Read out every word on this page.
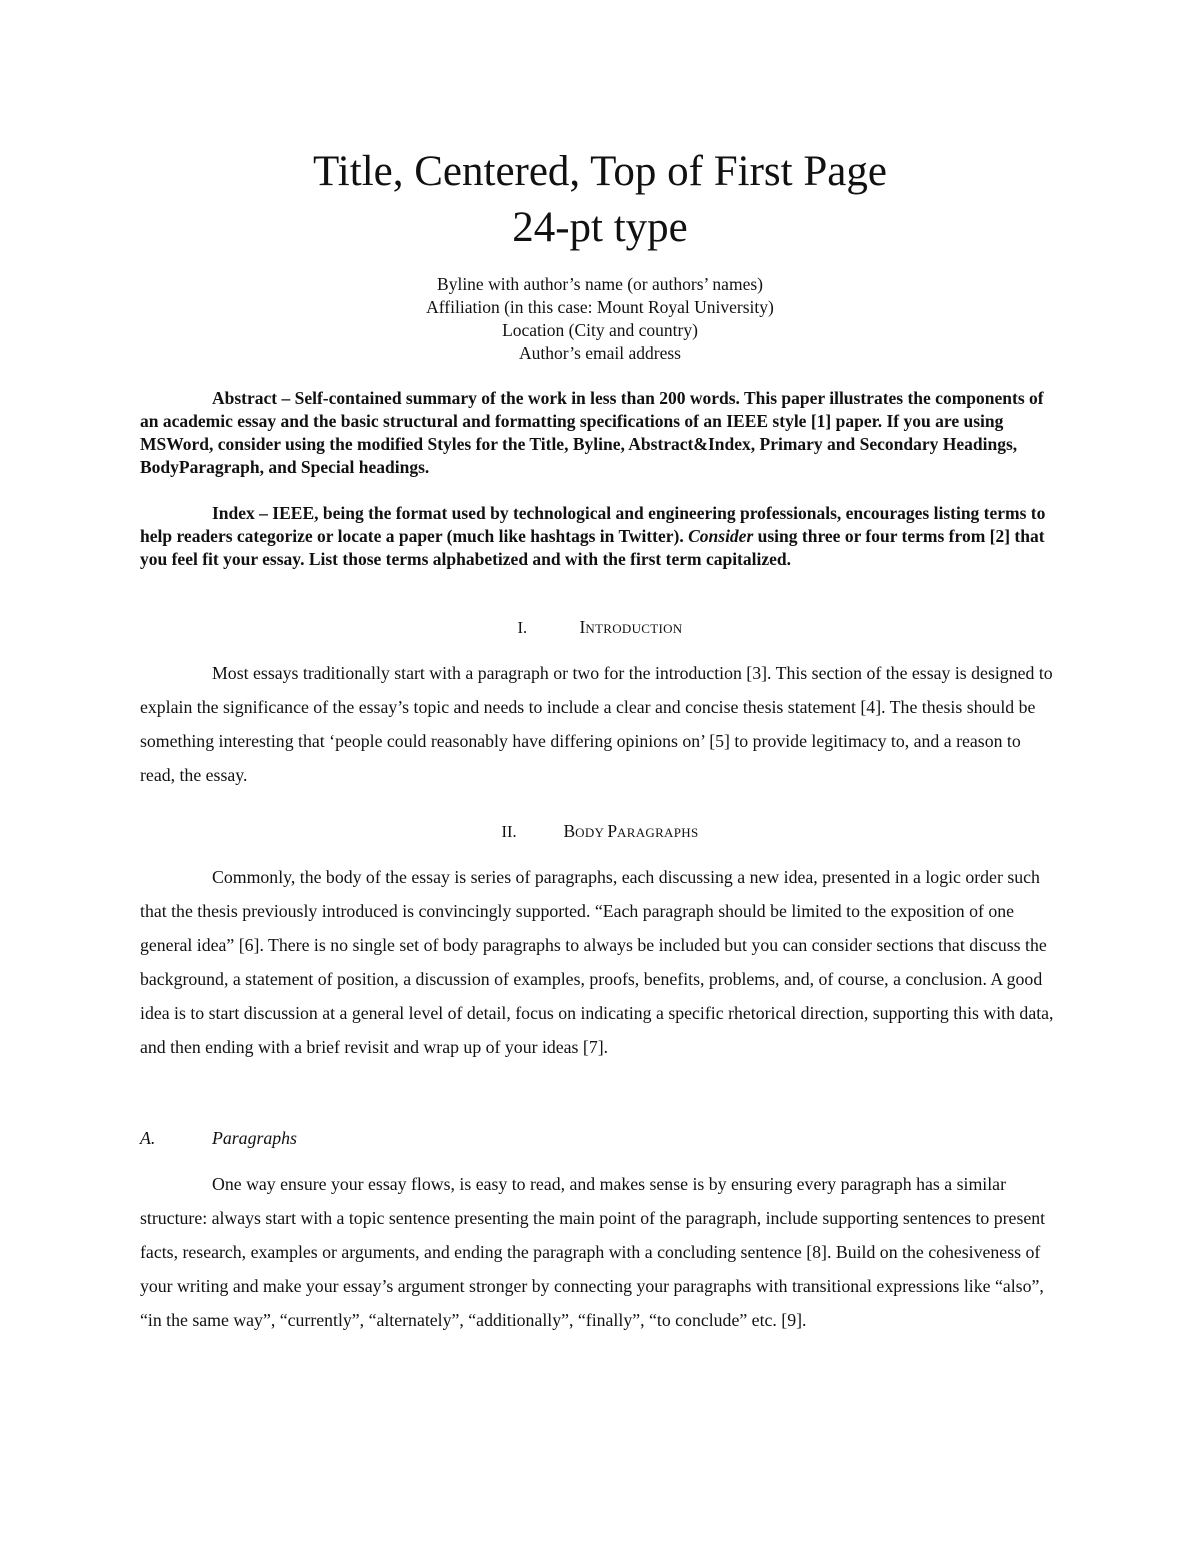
Title, Centered, Top of First Page

24-pt type

Byline with author’s name (or authors’ names)
Affiliation (in this case: Mount Royal University)
Location (City and country)
Author’s email address
Abstract – Self-contained summary of the work in less than 200 words. This paper illustrates the components of an academic essay and the basic structural and formatting specifications of an IEEE style [1] paper. If you are using MSWord, consider using the modified Styles for the Title, Byline, Abstract&Index, Primary and Secondary Headings, BodyParagraph, and Special headings.
Index – IEEE, being the format used by technological and engineering professionals, encourages listing terms to help readers categorize or locate a paper (much like hashtags in Twitter). Consider using three or four terms from [2] that you feel fit your essay. List those terms alphabetized and with the first term capitalized.
I.	INTRODUCTION
Most essays traditionally start with a paragraph or two for the introduction [3]. This section of the essay is designed to explain the significance of the essay’s topic and needs to include a clear and concise thesis statement [4]. The thesis should be something interesting that ‘people could reasonably have differing opinions on’ [5] to provide legitimacy to, and a reason to read, the essay.
II.	BODY PARAGRAPHS
Commonly, the body of the essay is series of paragraphs, each discussing a new idea, presented in a logic order such that the thesis previously introduced is convincingly supported. “Each paragraph should be limited to the exposition of one general idea” [6]. There is no single set of body paragraphs to always be included but you can consider sections that discuss the background, a statement of position, a discussion of examples, proofs, benefits, problems, and, of course, a conclusion. A good idea is to start discussion at a general level of detail, focus on indicating a specific rhetorical direction, supporting this with data, and then ending with a brief revisit and wrap up of your ideas [7].
A.	Paragraphs
One way ensure your essay flows, is easy to read, and makes sense is by ensuring every paragraph has a similar structure: always start with a topic sentence presenting the main point of the paragraph, include supporting sentences to present facts, research, examples or arguments, and ending the paragraph with a concluding sentence [8]. Build on the cohesiveness of your writing and make your essay’s argument stronger by connecting your paragraphs with transitional expressions like “also”, “in the same way”, “currently”, “alternately”, “additionally”, “finally”, “to conclude” etc. [9].
